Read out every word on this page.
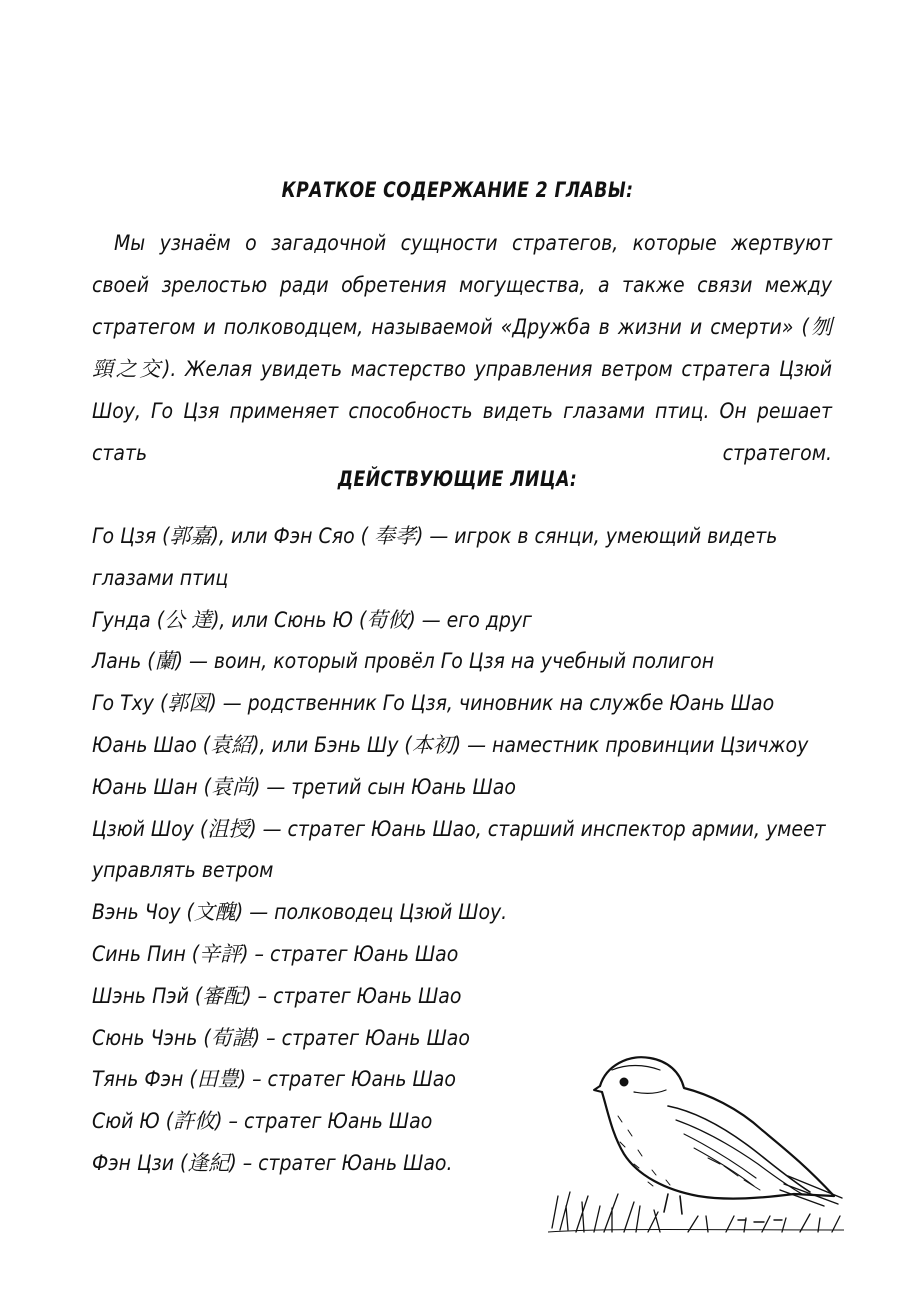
КРАТКОЕ СОДЕРЖАНИЕ 2 ГЛАВЫ:

Мы узнаём о загадочной сущности стратегов, которые жертвуют своей зрелостью ради обретения могущества, а также связи между стратегом и полководцем, называемой «Дружба в жизни и смерти» (刎頸之交). Желая увидеть мастерство управления ветром стратега Цзюй Шоу, Го Цзя применяет способность видеть глазами птиц. Он решает стать стратегом.

ДЕЙСТВУЮЩИЕ ЛИЦА:
Го Цзя (郭嘉), или Фэн Сяо ( 奉孝) — игрок в сянци, умеющий видеть глазами птиц
Гунда (公 達), или Сюнь Ю (荀攸) — его друг
Лань (蘭) — воин, который провёл Го Цзя на учебный полигон
Го Тху (郭図) — родственник Го Цзя, чиновник на службе Юань Шао
Юань Шао (袁紹), или Бэнь Шу (本初) — наместник провинции Цзичжоу
Юань Шан (袁尚) — третий сын Юань Шао
Цзюй Шоу (沮授) — стратег Юань Шао, старший инспектор армии, умеет управлять ветром
Вэнь Чоу (文醜) — полководец Цзюй Шоу.
Синь Пин (辛評) – стратег Юань Шао
Шэнь Пэй (審配) – стратег Юань Шао
Сюнь Чэнь (荀諶) – стратег Юань Шао
Тянь Фэн (田豊) – стратег Юань Шао
Сюй Ю (許攸) – стратег Юань Шао
Фэн Цзи (逢紀) – стратег Юань Шао.
